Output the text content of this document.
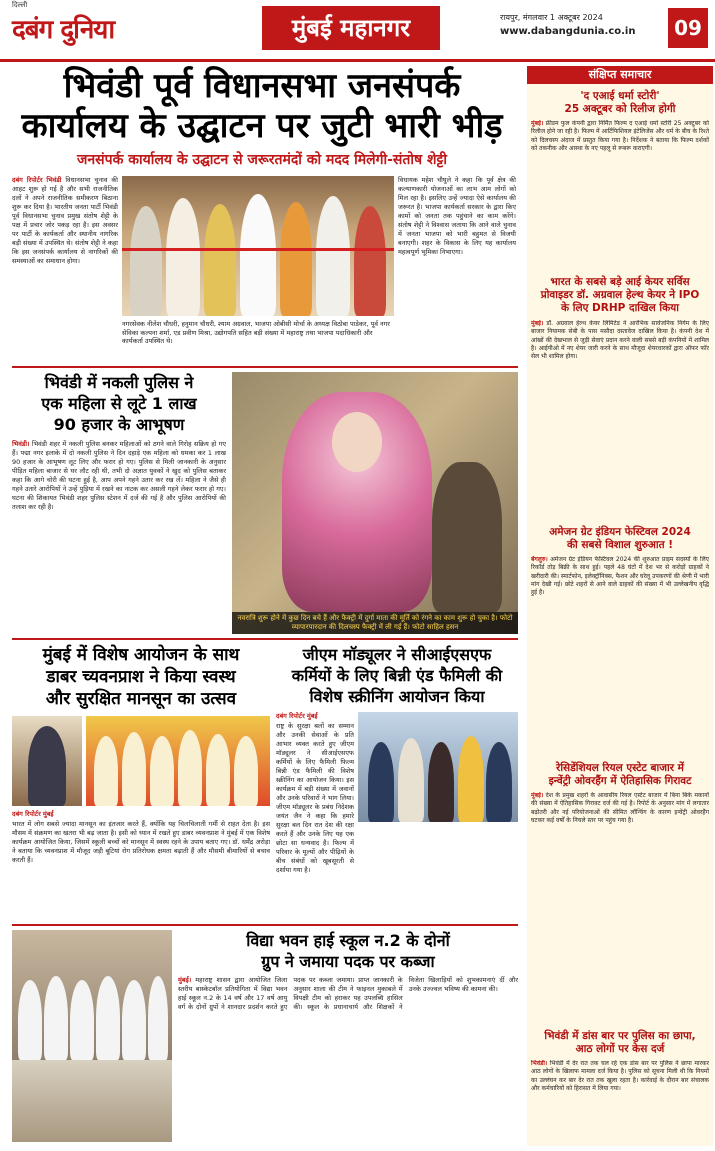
दिल्ली
दबंग दुनिया	मुंबई महानगर	रायपुर, मंगलवार 1 अक्टूबर 2024
www.dabangdunia.co.in	09
भिवंडी पूर्व विधानसभा जनसंपर्क
कार्यालय के उद्घाटन पर जुटी भारी भीड़
जनसंपर्क कार्यालय के उद्घाटन से जरूरतमंदों को मदद मिलेगी-संतोष शेट्टी
दबंग रिपोर्टर भिवंडी विधानसभा चुनाव की आहट शुरू हो गई है और सभी राजनीतिक दलों ने अपने राजनीतिक समीकरण बिठाना शुरू कर दिया है। भारतीय जनता पार्टी भिवंडी पूर्व विधानसभा चुनाव प्रमुख संतोष शेट्टी के पक्ष में प्रचार जोर पकड़ रहा है। इस अवसर पर पार्टी के कार्यकर्ता और स्थानीय नागरिक बड़ी संख्या में उपस्थित थे। संतोष शेट्टी ने कहा कि इस जनसंपर्क कार्यालय से नागरिकों की समस्याओं का समाधान होगा।
नगरसेवक नीलेश चौधरी, हनुमान चौधरी, श्याम अग्रवाल, भाजपा ओबीसी मोर्चा के अध्यक्ष विठोबा पाडेकर, पूर्व नगर सेविका कल्पना शर्मा, एड प्रवीण मिश्रा, उद्योगपति सहित बड़ी संख्या में महाराष्ट्र तथा भाजपा पदाधिकारी और कार्यकर्ता उपस्थित थे।
विधायक महेश चौघुले ने कहा कि पूर्व क्षेत्र की कल्याणकारी योजनाओं का लाभ आम लोगों को मिल रहा है। इसलिए उन्हें ज्यादा ऐसे कार्यालय की जरूरत है। भाजपा कार्यकर्ता सरकार के द्वारा किए कामों को जनता तक पहुंचाने का काम करेंगे। संतोष शेट्टी ने विश्वास जताया कि आने वाले चुनाव में जनता भाजपा को भारी बहुमत से विजयी बनाएगी। शहर के विकास के लिए यह कार्यालय महत्वपूर्ण भूमिका निभाएगा।
भिवंडी में नकली पुलिस ने
एक महिला से लूटे 1 लाख
90 हजार के आभूषण
भिवंडी। भिवंडी शहर में नकली पुलिस बनकर महिलाओं को ठगने वाले गिरोह सक्रिय हो गए हैं। पद्मा नगर इलाके में दो नकली पुलिस ने दिन दहाड़े एक महिला को धमका कर 1 लाख 90 हजार के आभूषण लूट लिए और फरार हो गए। पुलिस से मिली जानकारी के अनुसार पीड़ित महिला बाजार से घर लौट रही थी, तभी दो अज्ञात युवकों ने खुद को पुलिस बताकर कहा कि आगे चोरी की घटना हुई है, आप अपने गहने उतार कर रख लें। महिला ने जैसे ही गहने उतारे आरोपियों ने उन्हें पुड़िया में रखने का नाटक कर असली गहने लेकर फरार हो गए। घटना की शिकायत भिवंडी शहर पुलिस स्टेशन में दर्ज की गई है और पुलिस आरोपियों की तलाश कर रही है।
नवरात्रि शुरू होने में कुछ दिन बचे हैं और फैक्ट्री में दुर्गा माता की मूर्ति को रंगने का काम शुरू हो चुका है। फोटो व्यापारपारदान की दिलचस्प फैक्ट्री में ली गई हैं। फोटो साहिल हसन
मुंबई में विशेष आयोजन के साथ
डाबर च्यवनप्राश ने किया स्वस्थ
और सुरक्षित मानसून का उत्सव
दबंग रिपोर्टर मुंबई
भारत में लोग सबसे ज्यादा मानसून का इंतजार करते हैं, क्योंकि यह चिलचिलाती गर्मी से राहत देता है। इस मौसम में संक्रमण का खतरा भी बढ़ जाता है। इसी को ध्यान में रखते हुए डाबर च्यवनप्राश ने मुंबई में एक विशेष कार्यक्रम आयोजित किया, जिसमें स्कूली बच्चों को मानसून में स्वस्थ रहने के उपाय बताए गए। डॉ. धर्मेंद्र अरोड़ा ने बताया कि च्यवनप्राश में मौजूद जड़ी बूटियां रोग प्रतिरोधक क्षमता बढ़ाती हैं और मौसमी बीमारियों से बचाव करती हैं।
जीएम मॉड्यूलर ने सीआईएसएफ
कर्मियों के लिए बिन्नी एंड फैमिली की
विशेष स्क्रीनिंग आयोजन किया
दबंग रिपोर्टर मुंबई
राष्ट्र के सुरक्षा बलों का सम्मान और उनकी सेवाओं के प्रति आभार व्यक्त करते हुए जीएम मॉड्यूलर ने सीआईएसएफ कर्मियों के लिए फैमिली फिल्म बिन्नी एंड फैमिली की विशेष स्क्रीनिंग का आयोजन किया। इस कार्यक्रम में बड़ी संख्या में जवानों और उनके परिवारों ने भाग लिया। जीएम मॉड्यूलर के प्रबंध निदेशक जयंत जैन ने कहा कि हमारे सुरक्षा बल दिन रात देश की रक्षा करते हैं और उनके लिए यह एक छोटा सा धन्यवाद है। फिल्म में परिवार के मूल्यों और पीढ़ियों के बीच संबंधों को खूबसूरती से दर्शाया गया है।
विद्या भवन हाई स्कूल न.2 के दोनों
ग्रुप ने जमाया पदक पर कब्जा
मुंबई। महाराष्ट्र शासन द्वारा आयोजित जिला स्तरीय बास्केटबॉल प्रतियोगिता में विद्या भवन हाई स्कूल न.2 के 14 वर्ष और 17 वर्ष आयु वर्ग के दोनों ग्रुपों ने शानदार प्रदर्शन करते हुए पदक पर कब्जा जमाया। प्राप्त जानकारी के अनुसार शाला की टीम ने फाइनल मुकाबले में विपक्षी टीम को हराकर यह उपलब्धि हासिल की। स्कूल के प्रधानाचार्य और शिक्षकों ने विजेता खिलाड़ियों को शुभकामनाएं दीं और उनके उज्ज्वल भविष्य की कामना की।
संक्षिप्त समाचार
'द एआई धर्मा स्टोरी'
25 अक्टूबर को रिलीज होगी
मुंबई। फ्रीडम फुल कंपनी द्वारा निर्मित फिल्म द एआई धर्मा स्टोरी 25 अक्टूबर को रिलीज होने जा रही है। फिल्म में आर्टिफिशियल इंटेलिजेंस और धर्म के बीच के रिश्ते को दिलचस्प अंदाज में प्रस्तुत किया गया है। निर्देशक ने बताया कि फिल्म दर्शकों को तकनीक और आस्था के नए पहलू से रूबरू कराएगी।
भारत के सबसे बड़े आई केयर सर्विस
प्रोवाइडर डॉ. अग्रवाल हेल्थ केयर ने IPO
के लिए DRHP दाखिल किया
मुंबई। डॉ. अग्रवाल हेल्थ केयर लिमिटेड ने आरंभिक सार्वजनिक निर्गम के लिए बाजार नियामक सेबी के पास मसौदा दस्तावेज दाखिल किया है। कंपनी देश में आंखों की देखभाल से जुड़ी सेवाएं प्रदान करने वाली सबसे बड़ी कंपनियों में शामिल है। आईपीओ में नए शेयर जारी करने के साथ मौजूदा शेयरधारकों द्वारा ऑफर फॉर सेल भी शामिल होगा।
अमेजन ग्रेट इंडियन फेस्टिवल 2024
की सबसे विशाल शुरुआत !
बेंगलुरु। अमेजन ग्रेट इंडियन फेस्टिवल 2024 की शुरुआत प्राइम सदस्यों के लिए रिकॉर्ड तोड़ बिक्री के साथ हुई। पहले 48 घंटों में देश भर से करोड़ों ग्राहकों ने खरीदारी की। स्मार्टफोन, इलेक्ट्रॉनिक्स, फैशन और घरेलू उपकरणों की श्रेणी में भारी मांग देखी गई। छोटे शहरों से आने वाले ग्राहकों की संख्या में भी उल्लेखनीय वृद्धि हुई है।
रेसिडेंशियल रियल एस्टेट बाजार में
इन्वेंट्री ओवरहैंग में ऐतिहासिक गिरावट
मुंबई। देश के प्रमुख शहरों के आवासीय रियल एस्टेट बाजार में बिना बिके मकानों की संख्या में ऐतिहासिक गिरावट दर्ज की गई है। रिपोर्ट के अनुसार मांग में लगातार बढ़ोतरी और नई परियोजनाओं की सीमित लॉन्चिंग के कारण इन्वेंट्री ओवरहैंग घटकर कई वर्षों के निचले स्तर पर पहुंच गया है।
भिवंडी में डांस बार पर पुलिस का छापा,
आठ लोगों पर केस दर्ज
भिवंडी। भिवंडी में देर रात तक चल रहे एक डांस बार पर पुलिस ने छापा मारकर आठ लोगों के खिलाफ मामला दर्ज किया है। पुलिस को सूचना मिली थी कि नियमों का उल्लंघन कर बार देर रात तक खुला रहता है। कार्रवाई के दौरान बार संचालक और कर्मचारियों को हिरासत में लिया गया।
